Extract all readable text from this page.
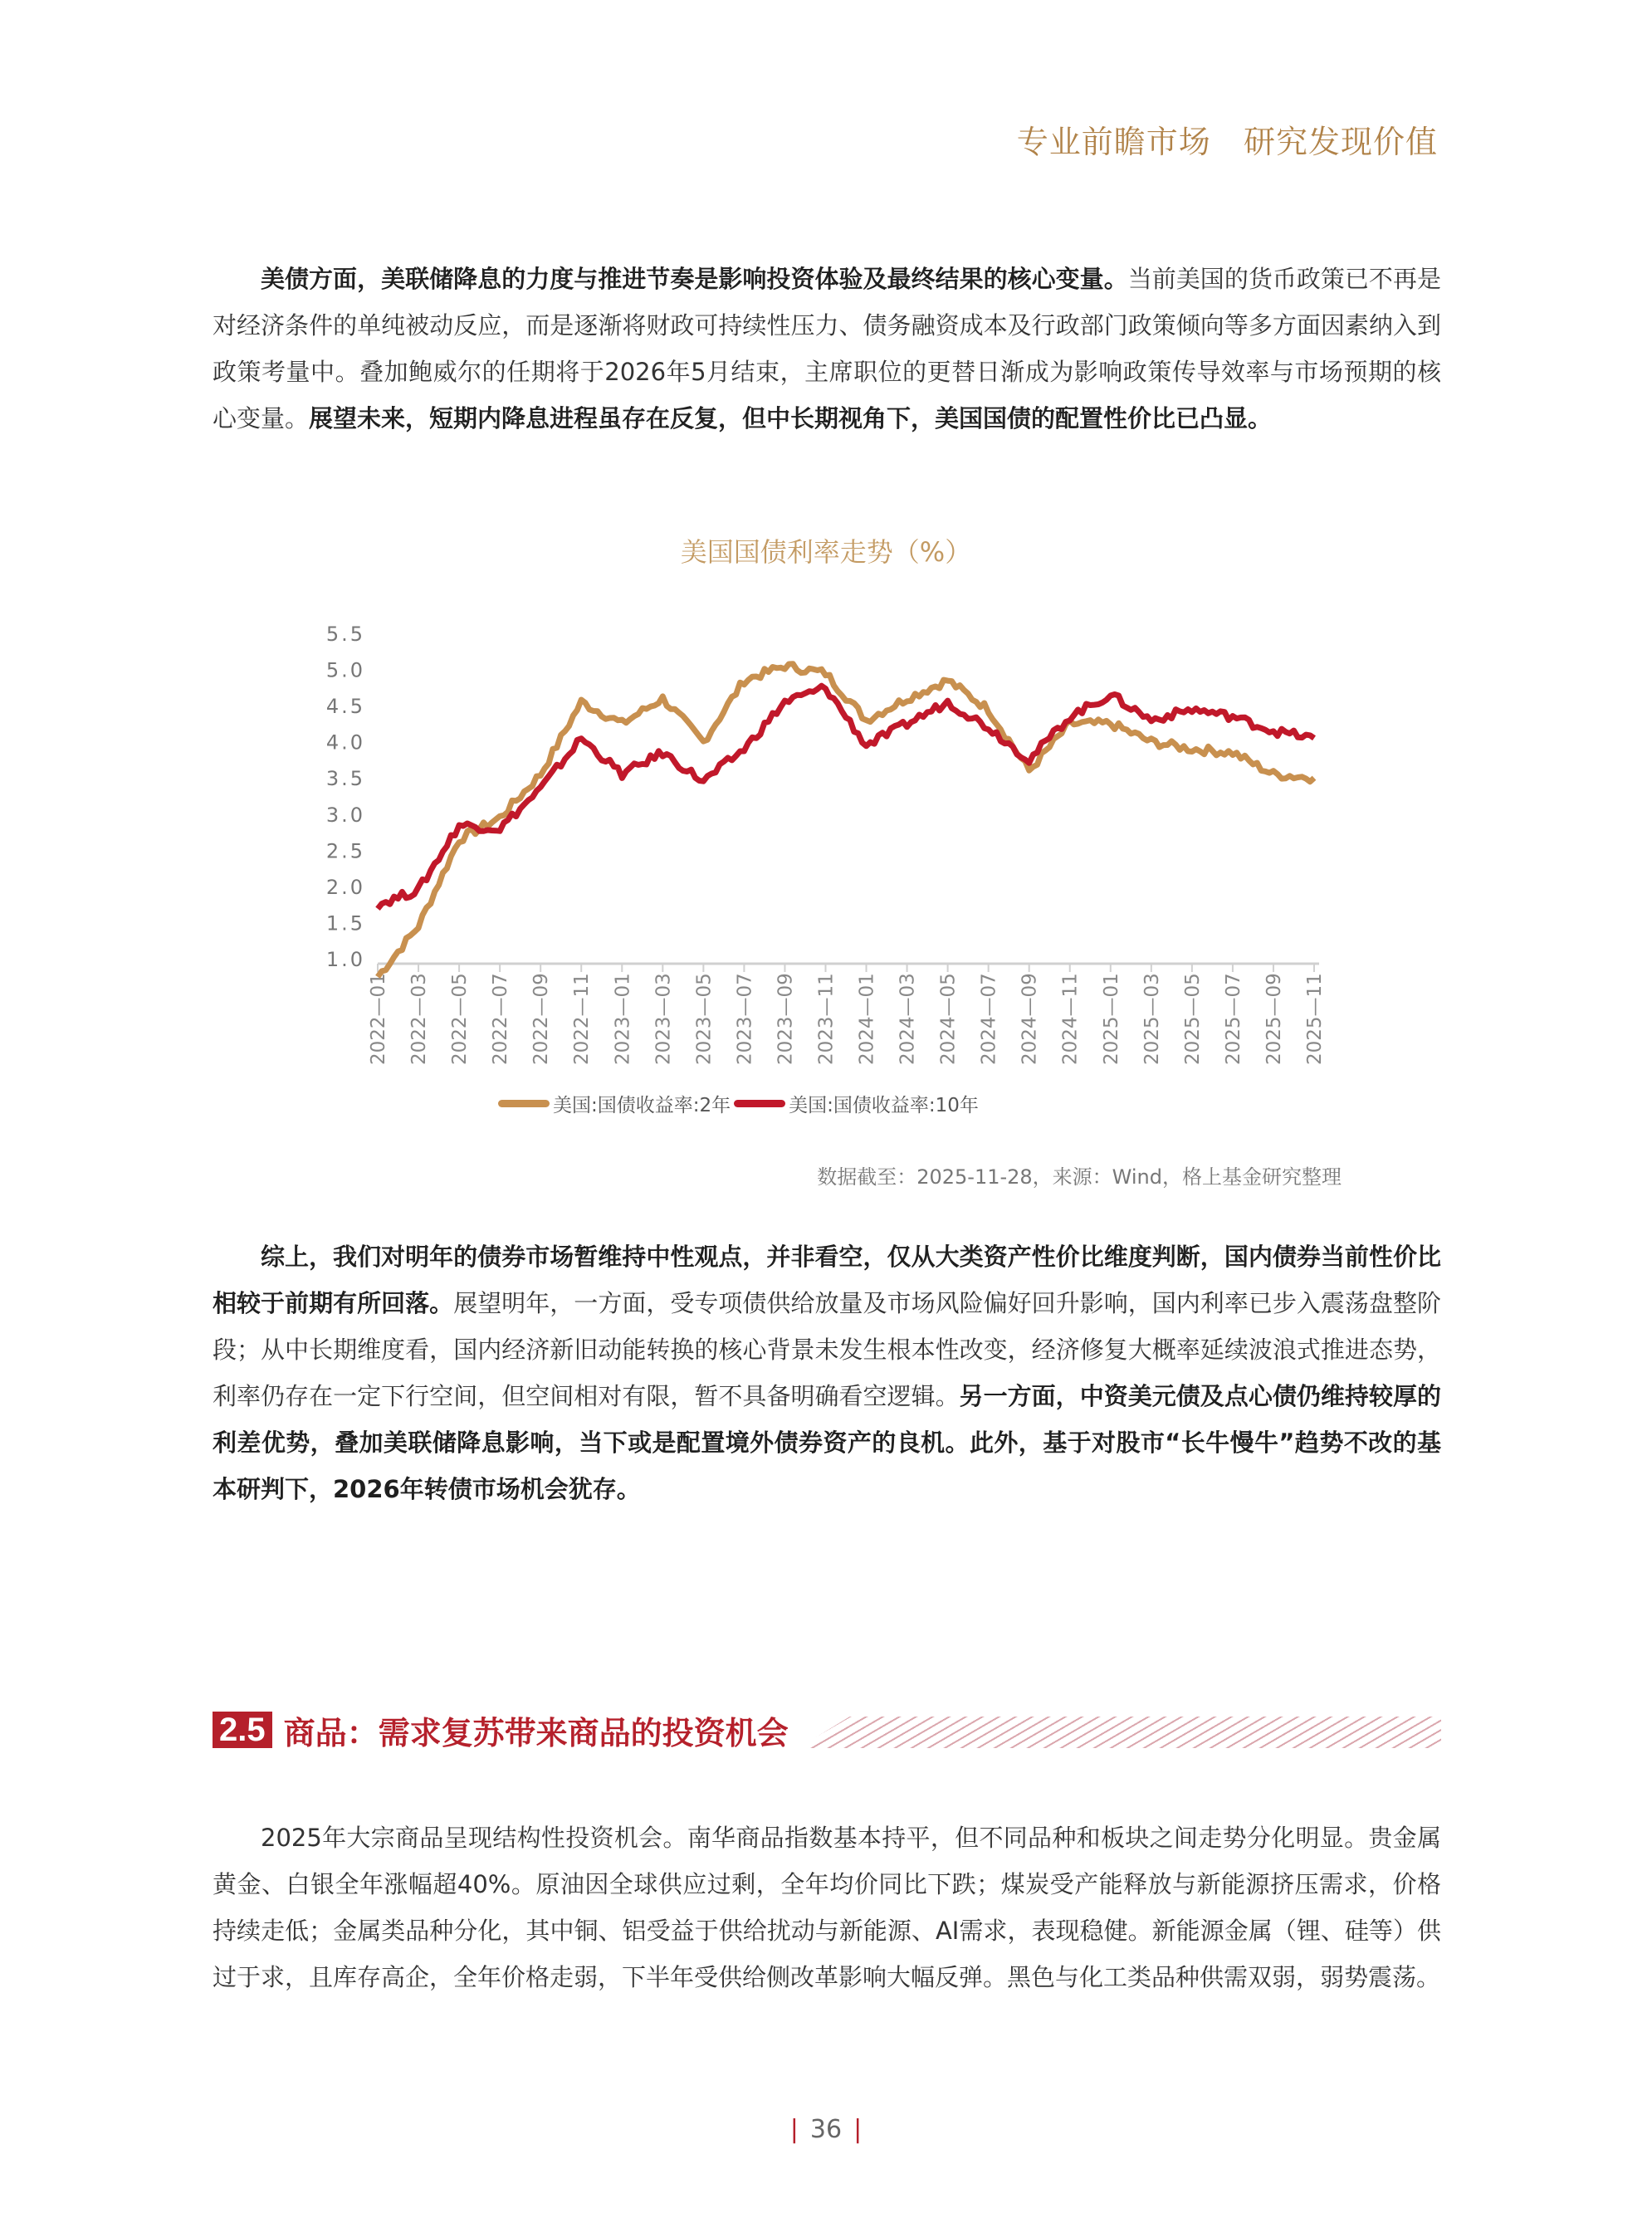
专业前瞻市场   研究发现价值
美债方面，美联储降息的力度与推进节奏是影响投资体验及最终结果的核心变量。当前美国的货币政策已不再是对经济条件的单纯被动反应，而是逐渐将财政可持续性压力、债务融资成本及行政部门政策倾向等多方面因素纳入到政策考量中。叠加鲍威尔的任期将于2026年5月结束，主席职位的更替日渐成为影响政策传导效率与市场预期的核心变量。展望未来，短期内降息进程虽存在反复，但中长期视角下，美国国债的配置性价比已凸显。
美国国债利率走势（%）
1.0
1.5
2.0
2.5
3.0
3.5
4.0
4.5
5.0
5.5
2022—01 2022—03 2022—05 2022—07 2022—09 2022—11 2023—01 2023—03 2023—05 2023—07 2023—09 2023—11 2024—01 2024—03 2024—05 2024—07 2024—09 2024—11 2025—01 2025—03 2025—05 2025—07 2025—09 2025—11
美国:国债收益率:2年	美国:国债收益率:10年
数据截至：2025-11-28，来源：Wind，格上基金研究整理
综上，我们对明年的债券市场暂维持中性观点，并非看空，仅从大类资产性价比维度判断，国内债券当前性价比相较于前期有所回落。展望明年，一方面，受专项债供给放量及市场风险偏好回升影响，国内利率已步入震荡盘整阶段；从中长期维度看，国内经济新旧动能转换的核心背景未发生根本性改变，经济修复大概率延续波浪式推进态势，利率仍存在一定下行空间，但空间相对有限，暂不具备明确看空逻辑。另一方面，中资美元债及点心债仍维持较厚的利差优势，叠加美联储降息影响，当下或是配置境外债券资产的良机。此外，基于对股市“长牛慢牛”趋势不改的基本研判下，2026年转债市场机会犹存。
2.5 商品：需求复苏带来商品的投资机会
2025年大宗商品呈现结构性投资机会。南华商品指数基本持平，但不同品种和板块之间走势分化明显。贵金属黄金、白银全年涨幅超40%。原油因全球供应过剩，全年均价同比下跌；煤炭受产能释放与新能源挤压需求，价格持续走低；金属类品种分化，其中铜、铝受益于供给扰动与新能源、AI需求，表现稳健。新能源金属（锂、硅等）供过于求，且库存高企，全年价格走弱，下半年受供给侧改革影响大幅反弹。黑色与化工类品种供需双弱，弱势震荡。
| 36 |
